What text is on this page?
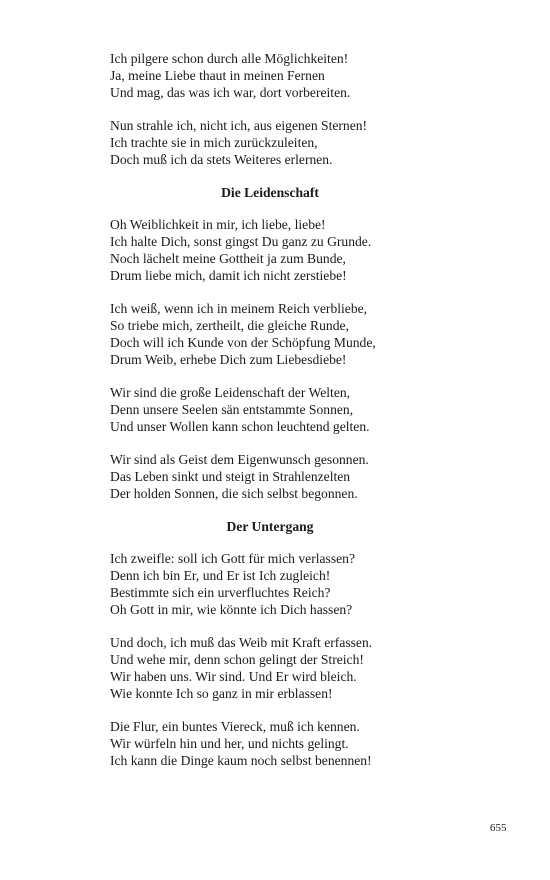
Ich pilgere schon durch alle Möglichkeiten!
Ja, meine Liebe thaut in meinen Fernen
Und mag, das was ich war, dort vorbereiten.
Nun strahle ich, nicht ich, aus eigenen Sternen!
Ich trachte sie in mich zurückzuleiten,
Doch muß ich da stets Weiteres erlernen.
Die Leidenschaft
Oh Weiblichkeit in mir, ich liebe, liebe!
Ich halte Dich, sonst gingst Du ganz zu Grunde.
Noch lächelt meine Gottheit ja zum Bunde,
Drum liebe mich, damit ich nicht zerstiebe!
Ich weiß, wenn ich in meinem Reich verbliebe,
So triebe mich, zertheilt, die gleiche Runde,
Doch will ich Kunde von der Schöpfung Munde,
Drum Weib, erhebe Dich zum Liebesdiebe!
Wir sind die große Leidenschaft der Welten,
Denn unsere Seelen sän entstammte Sonnen,
Und unser Wollen kann schon leuchtend gelten.
Wir sind als Geist dem Eigenwunsch gesonnen.
Das Leben sinkt und steigt in Strahlenzelten
Der holden Sonnen, die sich selbst begonnen.
Der Untergang
Ich zweifle: soll ich Gott für mich verlassen?
Denn ich bin Er, und Er ist Ich zugleich!
Bestimmte sich ein urverfluchtes Reich?
Oh Gott in mir, wie könnte ich Dich hassen?
Und doch, ich muß das Weib mit Kraft erfassen.
Und wehe mir, denn schon gelingt der Streich!
Wir haben uns. Wir sind. Und Er wird bleich.
Wie konnte Ich so ganz in mir erblassen!
Die Flur, ein buntes Viereck, muß ich kennen.
Wir würfeln hin und her, und nichts gelingt.
Ich kann die Dinge kaum noch selbst benennen!
655
